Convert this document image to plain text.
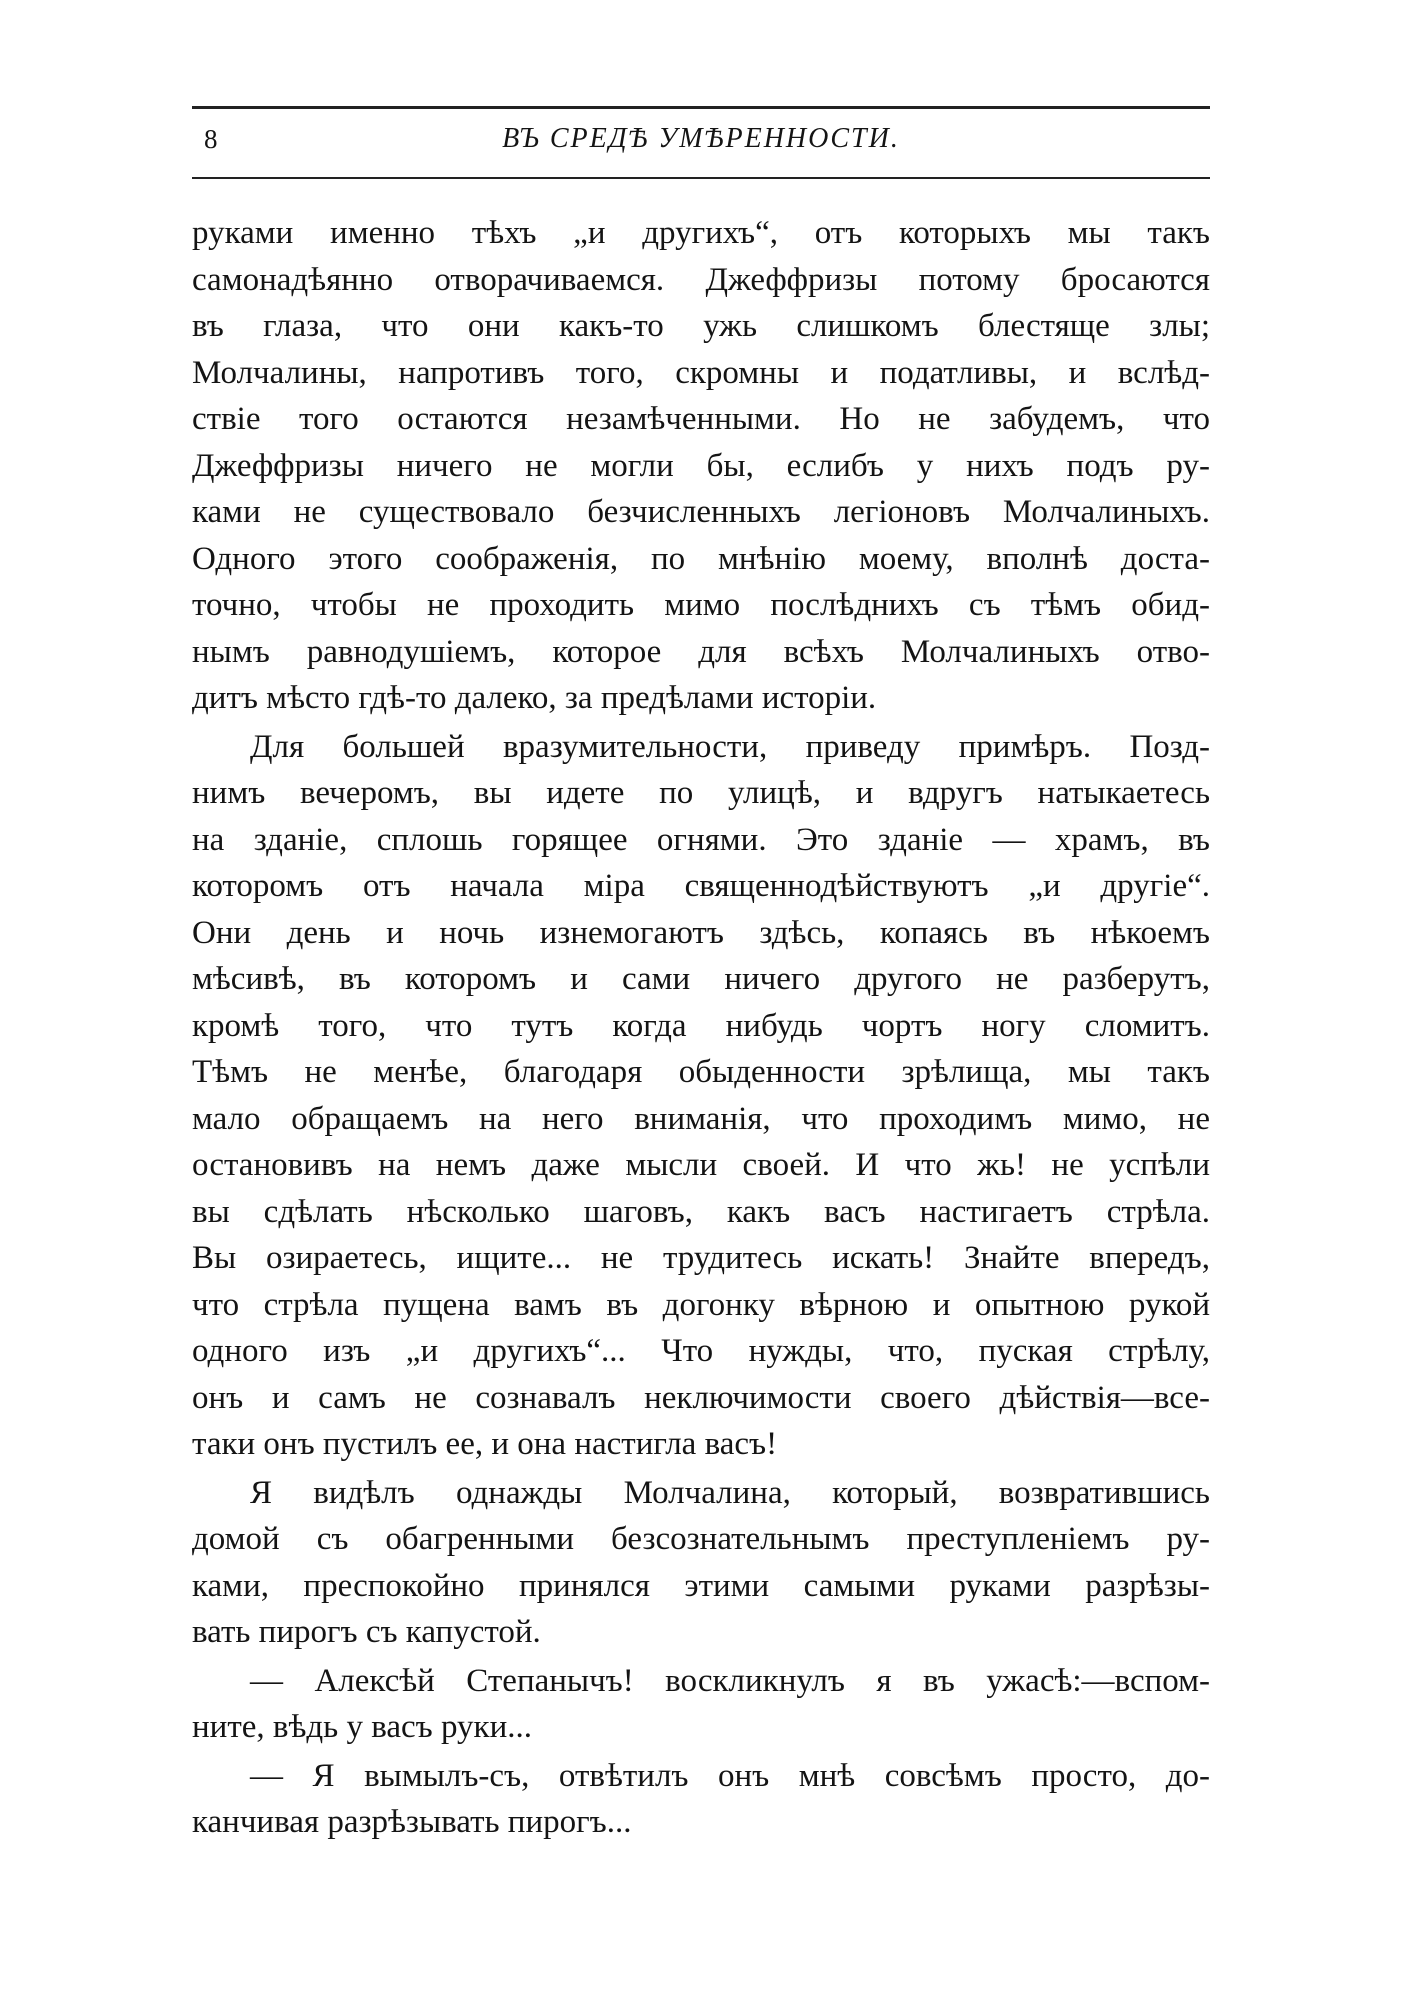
8	ВЪ СРЕДѢ УМѢРЕННОСТИ.
руками именно тѣхъ „и другихъ“, отъ которыхъ мы такъ
самонадѣянно отворачиваемся. Джеффризы потому бросаются
въ глаза, что они какъ-то ужь слишкомъ блестяще злы;
Молчалины, напротивъ того, скромны и податливы, и вслѣд-
ствіе того остаются незамѣченными. Но не забудемъ, что
Джеффризы ничего не могли бы, еслибъ у нихъ подъ ру-
ками не существовало безчисленныхъ легіоновъ Молчалиныхъ.
Одного этого соображенія, по мнѣнію моему, вполнѣ доста-
точно, чтобы не проходить мимо послѣднихъ съ тѣмъ обид-
нымъ равнодушіемъ, которое для всѣхъ Молчалиныхъ отво-
дитъ мѣсто гдѣ-то далеко, за предѣлами исторіи.
Для большей вразумительности, приведу примѣръ. Позд-
нимъ вечеромъ, вы идете по улицѣ, и вдругъ натыкаетесь
на зданіе, сплошь горящее огнями. Это зданіе — храмъ, въ
которомъ отъ начала міра священнодѣйствуютъ „и другіе“.
Они день и ночь изнемогаютъ здѣсь, копаясь въ нѣкоемъ
мѣсивѣ, въ которомъ и сами ничего другого не разберутъ,
кромѣ того, что тутъ когда нибудь чортъ ногу сломитъ.
Тѣмъ не менѣе, благодаря обыденности зрѣлища, мы такъ
мало обращаемъ на него вниманія, что проходимъ мимо, не
остановивъ на немъ даже мысли своей. И что жь! не успѣли
вы сдѣлать нѣсколько шаговъ, какъ васъ настигаетъ стрѣла.
Вы озираетесь, ищите... не трудитесь искать! Знайте впередъ,
что стрѣла пущена вамъ въ догонку вѣрною и опытною рукой
одного изъ „и другихъ“... Что нужды, что, пуская стрѣлу,
онъ и самъ не сознавалъ неключимости своего дѣйствія—все-
таки онъ пустилъ ее, и она настигла васъ!
Я видѣлъ однажды Молчалина, который, возвратившись
домой съ обагренными безсознательнымъ преступленіемъ ру-
ками, преспокойно принялся этими самыми руками разрѣзы-
вать пирогъ съ капустой.
— Алексѣй Степанычъ! воскликнулъ я въ ужасѣ:—вспом-
ните, вѣдь у васъ руки...
— Я вымылъ-съ, отвѣтилъ онъ мнѣ совсѣмъ просто, до-
канчивая разрѣзывать пирогъ...
